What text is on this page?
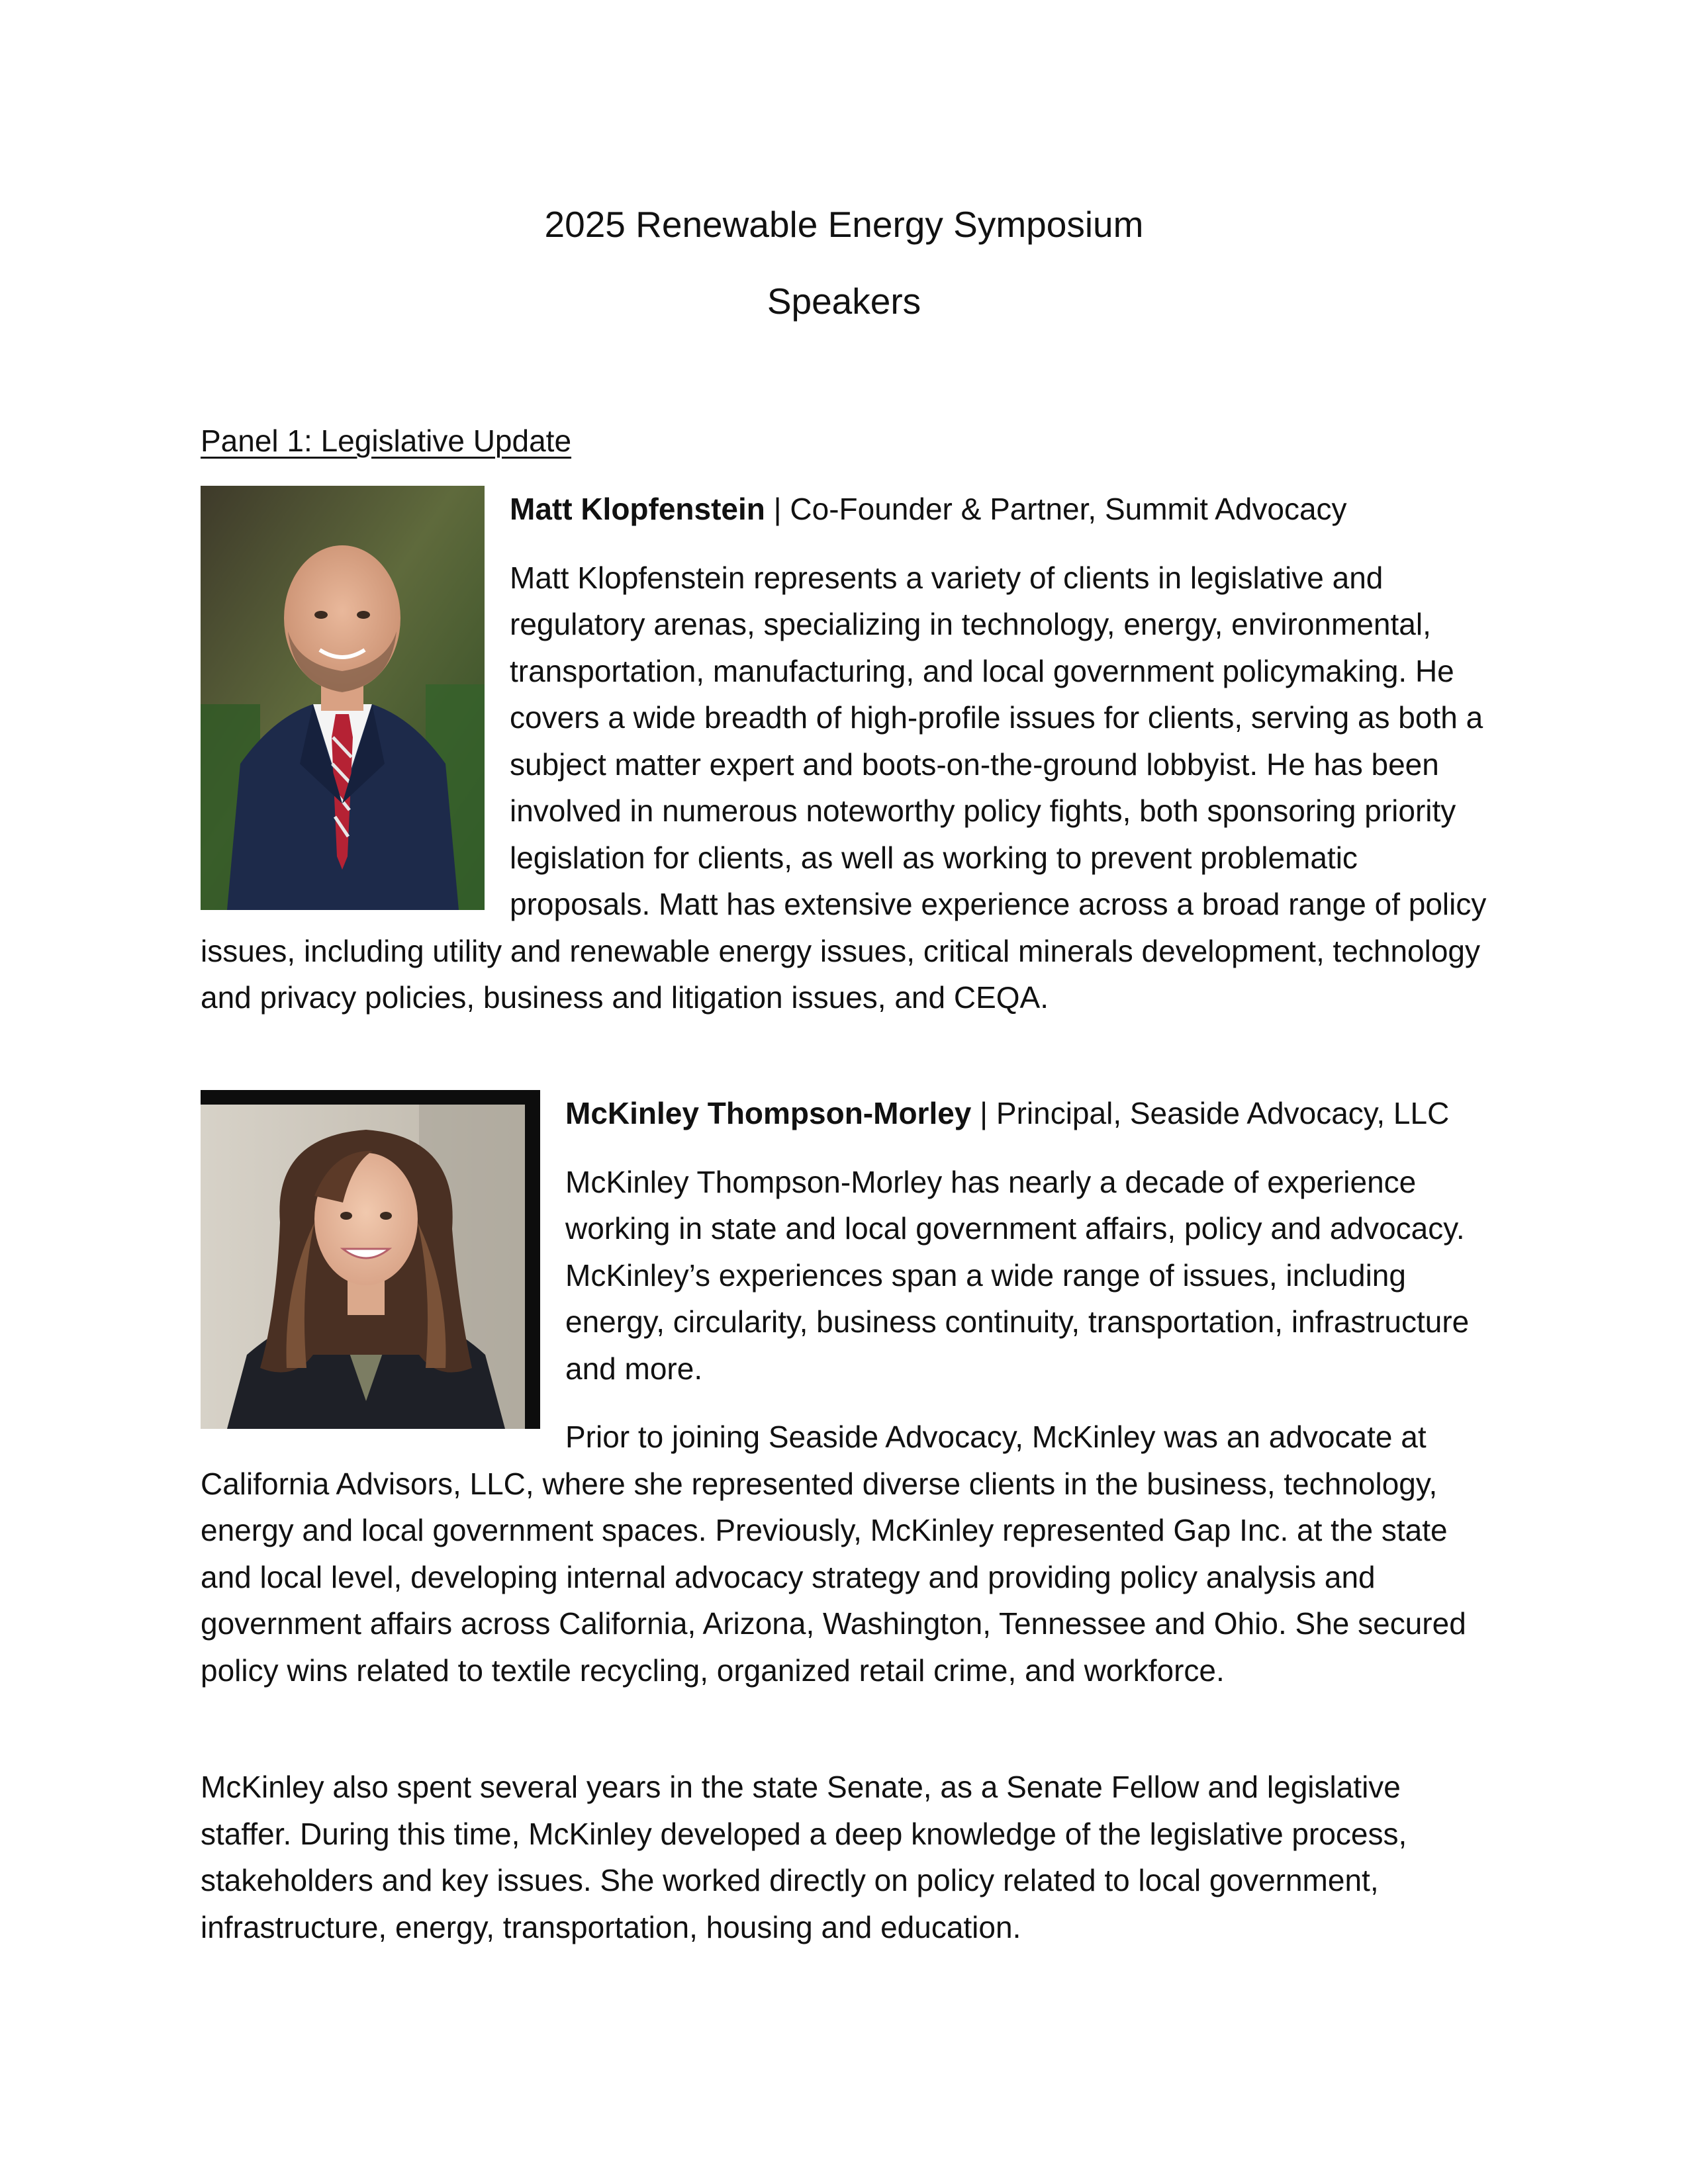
2025 Renewable Energy Symposium
Speakers

Panel 1: Legislative Update

Matt Klopfenstein | Co-Founder & Partner, Summit Advocacy

Matt Klopfenstein represents a variety of clients in legislative and regulatory arenas, specializing in technology, energy, environmental, transportation, manufacturing, and local government policymaking. He covers a wide breadth of high-profile issues for clients, serving as both a subject matter expert and boots-on-the-ground lobbyist. He has been involved in numerous noteworthy policy fights, both sponsoring priority legislation for clients, as well as working to prevent problematic proposals. Matt has extensive experience across a broad range of policy issues, including utility and renewable energy issues, critical minerals development, technology and privacy policies, business and litigation issues, and CEQA.

McKinley Thompson-Morley | Principal, Seaside Advocacy, LLC

McKinley Thompson-Morley has nearly a decade of experience working in state and local government affairs, policy and advocacy. McKinley’s experiences span a wide range of issues, including energy, circularity, business continuity, transportation, infrastructure and more.

Prior to joining Seaside Advocacy, McKinley was an advocate at California Advisors, LLC, where she represented diverse clients in the business, technology, energy and local government spaces. Previously, McKinley represented Gap Inc. at the state and local level, developing internal advocacy strategy and providing policy analysis and government affairs across California, Arizona, Washington, Tennessee and Ohio. She secured policy wins related to textile recycling, organized retail crime, and workforce.

McKinley also spent several years in the state Senate, as a Senate Fellow and legislative staffer. During this time, McKinley developed a deep knowledge of the legislative process, stakeholders and key issues. She worked directly on policy related to local government, infrastructure, energy, transportation, housing and education.
